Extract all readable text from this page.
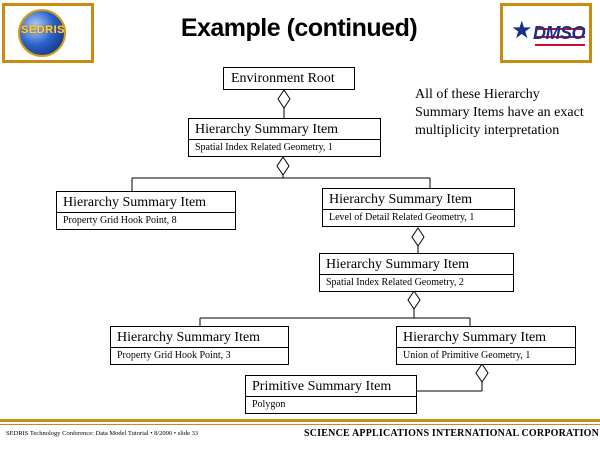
SEDRIS	Example (continued)	★ DMSO
Environment Root
Hierarchy Summary Item
Spatial Index Related Geometry, 1
Hierarchy Summary Item
Property Grid Hook Point, 8
Hierarchy Summary Item
Level of Detail Related Geometry, 1
Hierarchy Summary Item
Spatial Index Related Geometry, 2
Hierarchy Summary Item
Property Grid Hook Point, 3
Hierarchy Summary Item
Union of Primitive Geometry, 1
Primitive Summary Item
Polygon

All of these Hierarchy Summary Items have an exact multiplicity interpretation

SEDRIS Technology Conference: Data Model Tutorial • 8/2000 • slide 33	SCIENCE APPLICATIONS INTERNATIONAL CORPORATION
